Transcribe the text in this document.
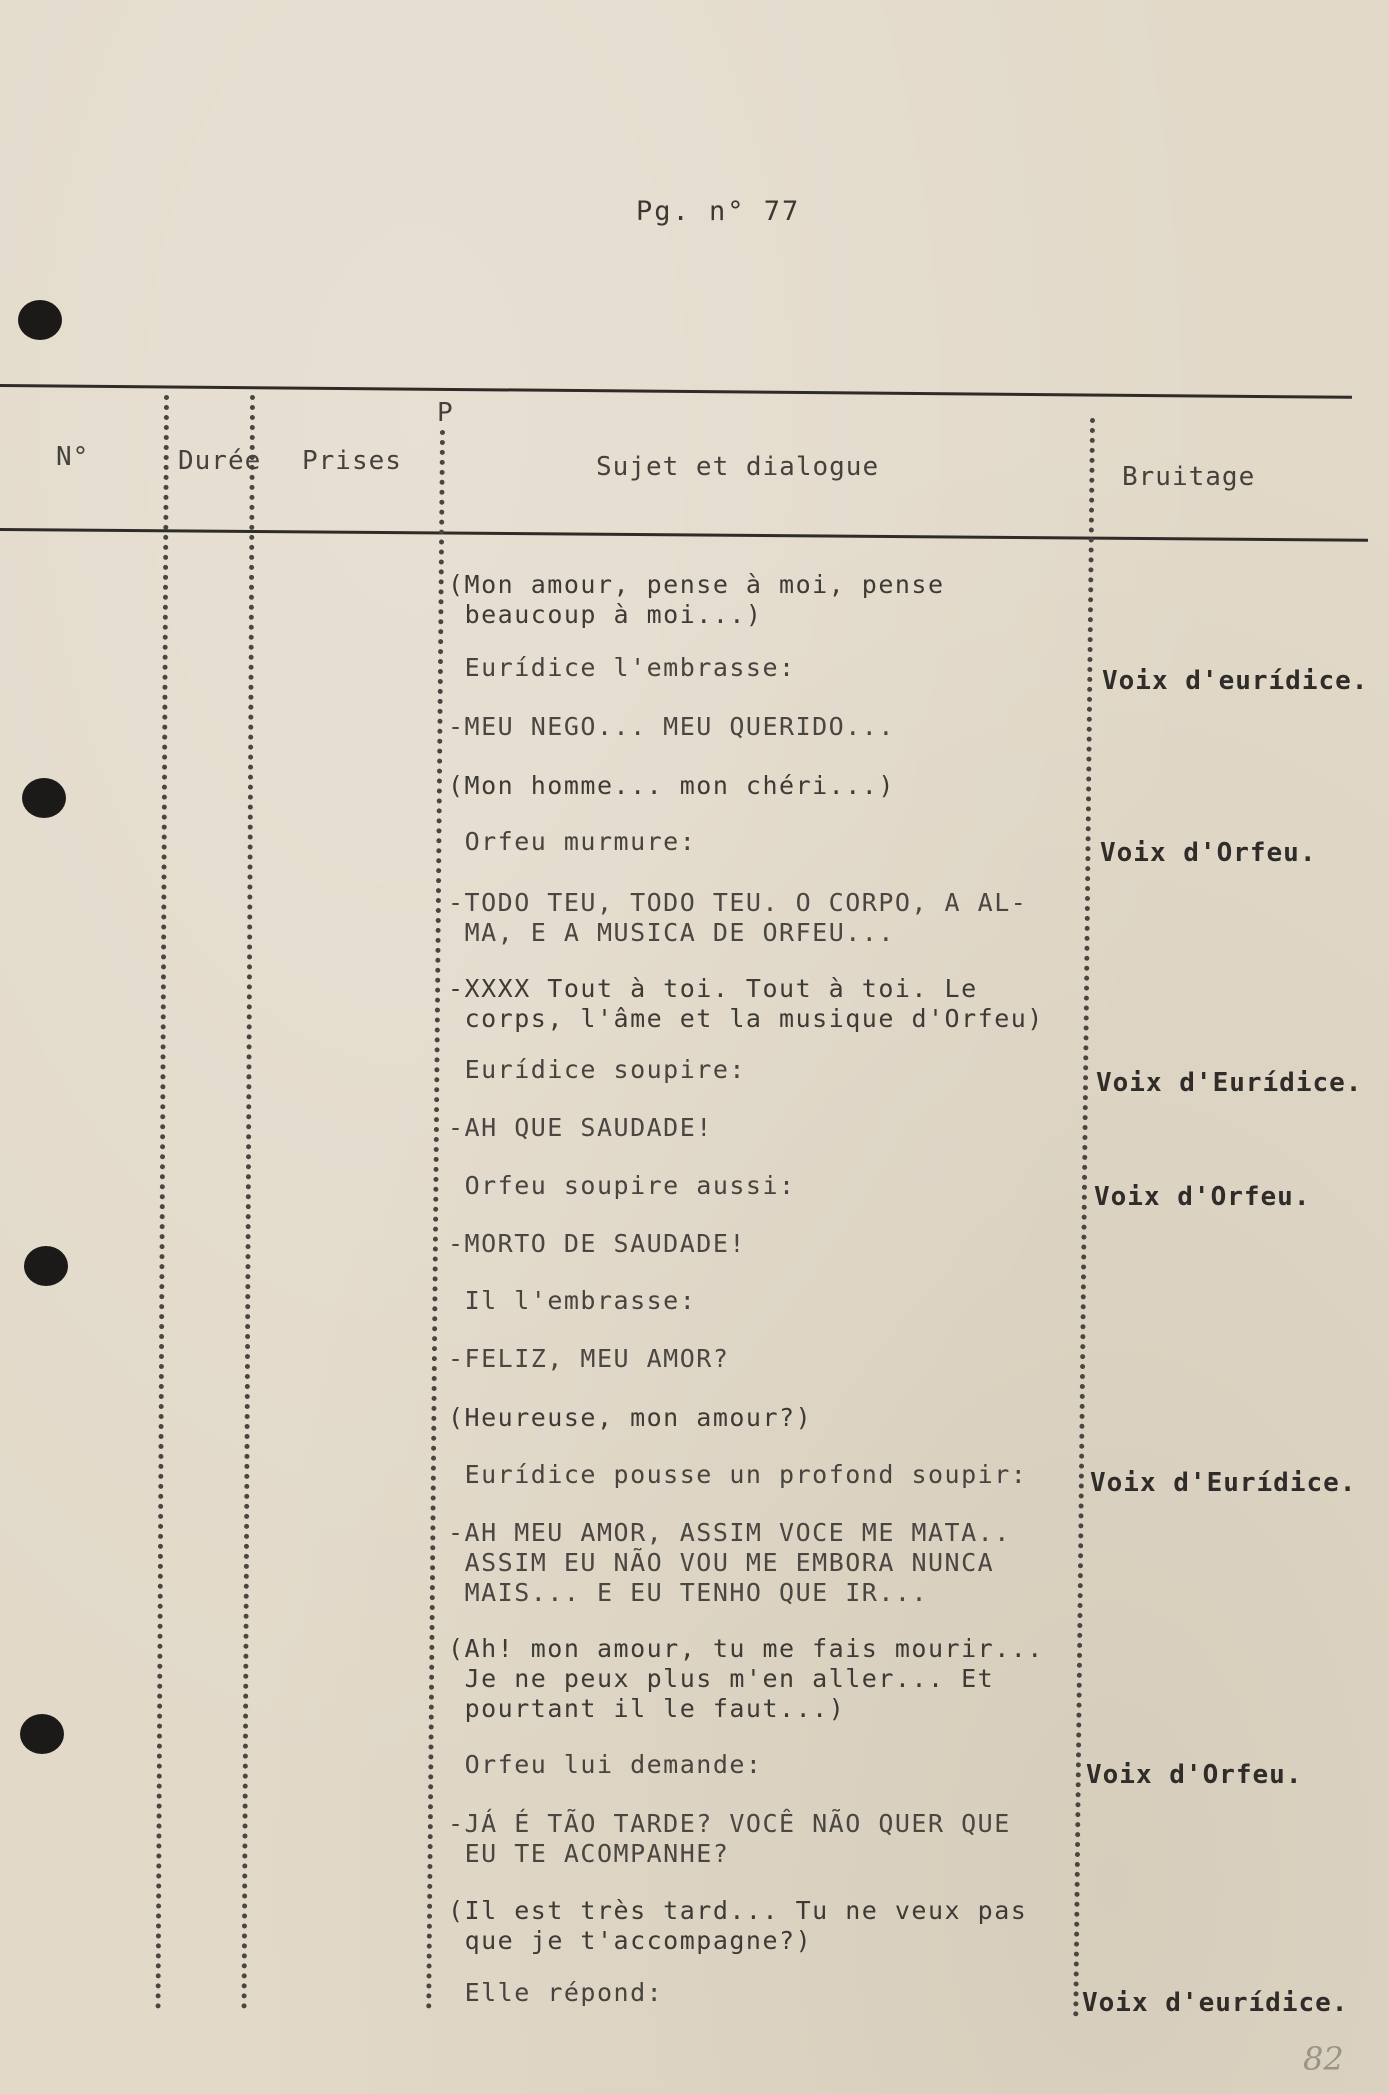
Pg. n° 77
N°	Durée Prises
P
Sujet et dialogue	Bruitage
(Mon amour, pense à moi, pense
beaucoup à moi...)
Eurídice l'embrasse:
-MEU NEGO... MEU QUERIDO...
(Mon homme... mon chéri...)
Orfeu murmure:
-TODO TEU, TODO TEU. O CORPO, A AL-
MA, E A MUSICA DE ORFEU...
-XXXX Tout à toi. Tout à toi. Le
corps, l'âme et la musique d'Orfeu)
Eurídice soupire:
-AH QUE SAUDADE!
Orfeu soupire aussi:
-MORTO DE SAUDADE!
Il l'embrasse:
-FELIZ, MEU AMOR?
(Heureuse, mon amour?)
Eurídice pousse un profond soupir:
-AH MEU AMOR, ASSIM VOCE ME MATA..
ASSIM EU NÃO VOU ME EMBORA NUNCA
MAIS... E EU TENHO QUE IR...
(Ah! mon amour, tu me fais mourir...
Je ne peux plus m'en aller... Et
pourtant il le faut...)
Orfeu lui demande:
-JÁ É TÃO TARDE? VOCÊ NÃO QUER QUE
EU TE ACOMPANHE?
(Il est très tard... Tu ne veux pas
que je t'accompagne?)
Elle répond:
Voix d'eurídice.
Voix d'Orfeu.
Voix d'Eurídice.
Voix d'Orfeu.
Voix d'Eurídice.
Voix d'Orfeu.
Voix d'eurídice.
82
